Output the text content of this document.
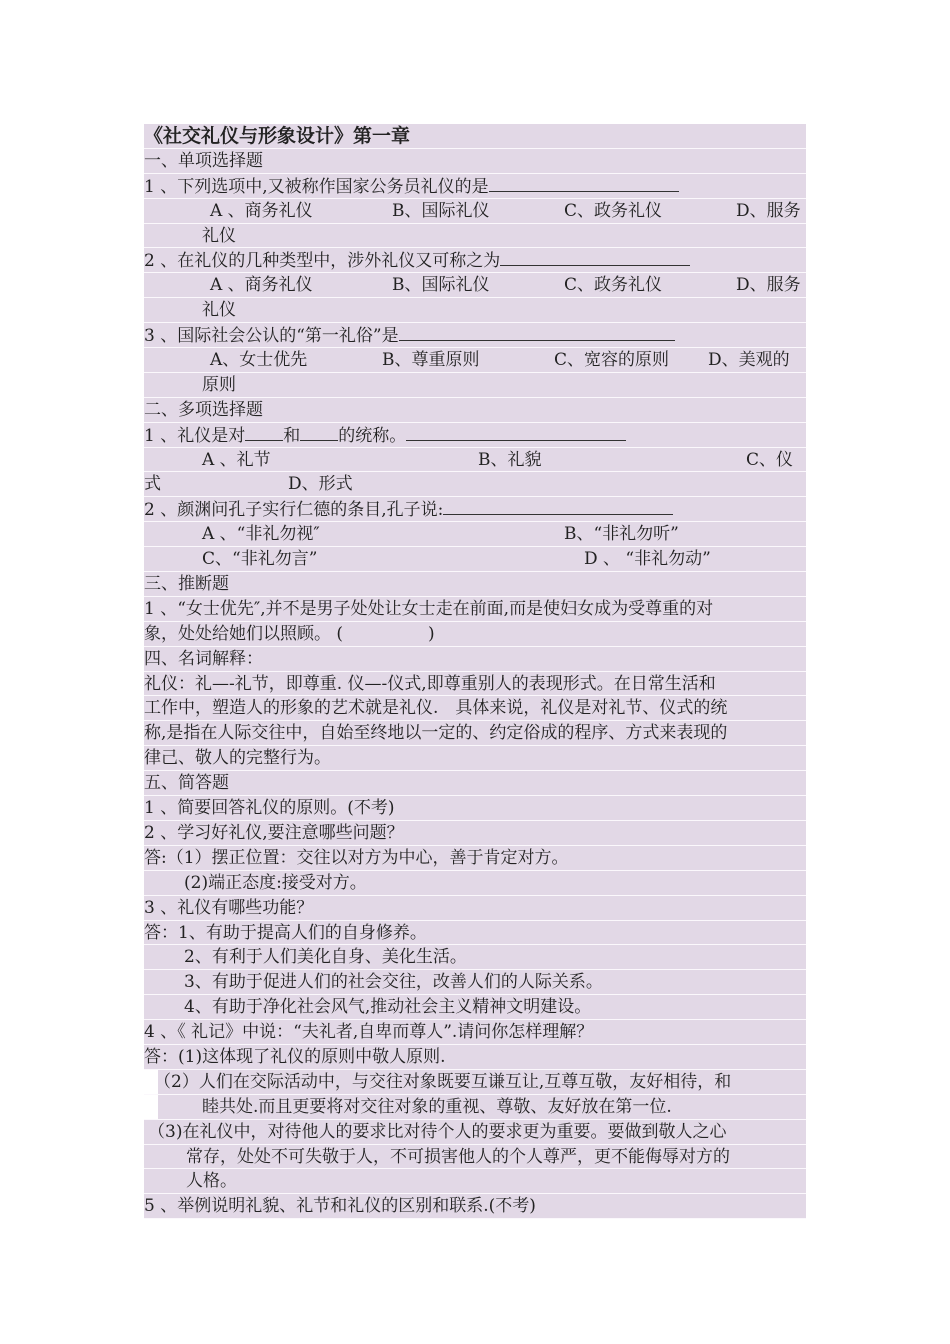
《社交礼仪与形象设计》第一章
一、单项选择题
1 、下列选项中,又被称作国家公务员礼仪的是
A 、商务礼仪	B、国际礼仪	C、政务礼仪	D、服务
礼仪
2 、在礼仪的几种类型中，涉外礼仪又可称之为
A 、商务礼仪	B、国际礼仪	C、政务礼仪	D、服务
礼仪
3 、国际社会公认的“第一礼俗”是
A、女士优先	B、尊重原则	C、宽容的原则 D、美观的
原则
二、多项选择题
1 、礼仪是对 和 的统称。
A 、礼节	B、礼貌	C、仪
式	D、形式
2 、颜渊问孔子实行仁德的条目,孔子说:
A 、“非礼勿视″	B、“非礼勿听”
C、“非礼勿言”	D 、 “非礼勿动”
三、推断题
1 、“女士优先″,并不是男子处处让女士走在前面,而是使妇女成为受尊重的对
象，处处给她们以照顾。 (　　　　　)
四、名词解释：
礼仪：礼—-礼节，即尊重. 仪—-仪式,即尊重别人的表现形式。在日常生活和
工作中，塑造人的形象的艺术就是礼仪.　具体来说，礼仪是对礼节、仪式的统
称,是指在人际交往中，自始至终地以一定的、约定俗成的程序、方式来表现的
律己、敬人的完整行为。
五、简答题
1 、简要回答礼仪的原则。(不考)
2 、学习好礼仪,要注意哪些问题？
答:（1）摆正位置：交往以对方为中心，善于肯定对方。
(2)端正态度:接受对方。
3 、礼仪有哪些功能？
答：1、有助于提高人们的自身修养。
2、有利于人们美化自身、美化生活。
3、有助于促进人们的社会交往，改善人们的人际关系。
4、有助于净化社会风气,推动社会主义精神文明建设。
4 、《 礼记》中说：“夫礼者,自卑而尊人”.请问你怎样理解？
答：(1)这体现了礼仪的原则中敬人原则.
（2）人们在交际活动中，与交往对象既要互谦互让,互尊互敬，友好相待，和
睦共处.而且更要将对交往对象的重视、尊敬、友好放在第一位.
（3)在礼仪中，对待他人的要求比对待个人的要求更为重要。要做到敬人之心
常存，处处不可失敬于人，不可损害他人的个人尊严，更不能侮辱对方的
人格。
5 、举例说明礼貌、礼节和礼仪的区别和联系.(不考)
